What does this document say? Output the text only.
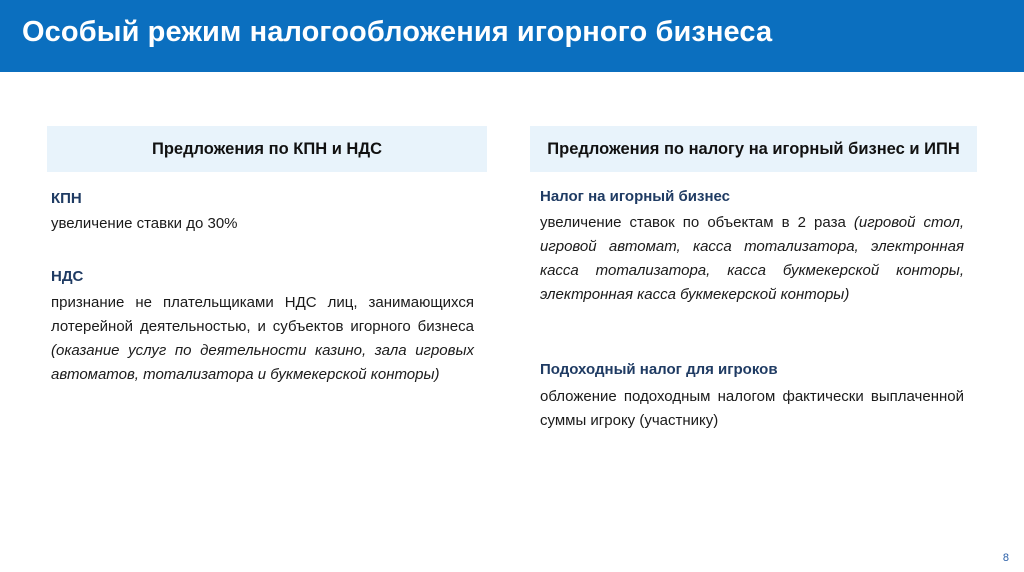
Особый режим налогообложения игорного бизнеса
Предложения по КПН и НДС
КПН
увеличение ставки до 30%
НДС
признание не плательщиками НДС лиц, занимающихся лотерейной деятельностью, и субъектов игорного бизнеса (оказание услуг по деятельности казино, зала игровых автоматов, тотализатора и букмекерской конторы)
Предложения по налогу на игорный бизнес и ИПН
Налог на игорный бизнес
увеличение ставок по объектам в 2 раза (игровой стол, игровой автомат, касса тотализатора, электронная касса тотализатора, касса букмекерской конторы, электронная касса букмекерской конторы)
Подоходный налог для игроков
обложение подоходным налогом фактически выплаченной суммы игроку (участнику)
8
